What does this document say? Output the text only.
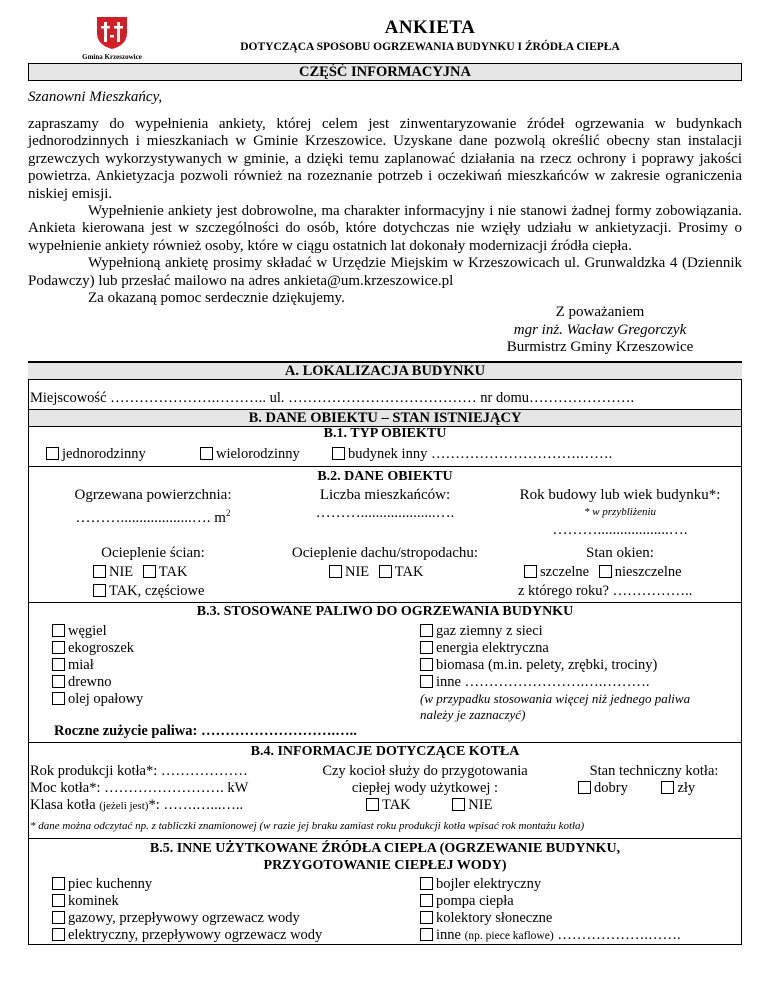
Gmina Krzeszowice
ANKIETA
DOTYCZĄCA SPOSOBU OGRZEWANIA BUDYNKU I ŹRÓDŁA CIEPŁA
CZĘŚĆ INFORMACYJNA
Szanowni Mieszkańcy,

zapraszamy do wypełnienia ankiety, której celem jest zinwentaryzowanie źródeł ogrzewania w budynkach jednorodzinnych i mieszkaniach w Gminie Krzeszowice. Uzyskane dane pozwolą określić obecny stan instalacji grzewczych wykorzystywanych w gminie, a dzięki temu zaplanować działania na rzecz ochrony i poprawy jakości powietrza. Ankietyzacja pozwoli również na rozeznanie potrzeb i oczekiwań mieszkańców w zakresie ograniczenia niskiej emisji.

Wypełnienie ankiety jest dobrowolne, ma charakter informacyjny i nie stanowi żadnej formy zobowiązania. Ankieta kierowana jest w szczególności do osób, które dotychczas nie wzięły udziału w ankietyzacji. Prosimy o wypełnienie ankiety również osoby, które w ciągu ostatnich lat dokonały modernizacji źródła ciepła.

Wypełnioną ankietę prosimy składać w Urzędzie Miejskim w Krzeszowicach ul. Grunwaldzka 4 (Dziennik Podawczy) lub przesłać mailowo na adres ankieta@um.krzeszowice.pl

Za okazaną pomoc serdecznie dziękujemy.

Z poważaniem
mgr inż. Wacław Gregorczyk
Burmistrz Gminy Krzeszowice
A. LOKALIZACJA BUDYNKU
Miejscowość ………………….……….. ul. ………………………………… nr domu………………….
B. DANE OBIEKTU – STAN ISTNIEJĄCY
B.1. TYP OBIEKTU
jednorodzinny	wielorodzinny	budynek inny ………………………….…….
B.2. DANE OBIEKTU
Ogrzewana powierzchnia:
………...................…. $m^2$
Liczba mieszkańców:
………....................….
Rok budowy lub wiek budynku*:
* w przybliżeniu
………...................….
Ocieplenie ścian:
NIE TAK
TAK, częściowe
Ocieplenie dachu/stropodachu:
NIE TAK
Stan okien:
szczelne nieszczelne
z którego roku? ……………..
B.3. STOSOWANE PALIWO DO OGRZEWANIA BUDYNKU
węgiel
ekogroszek
miał
drewno
olej opałowy
gaz ziemny z sieci
energia elektryczna
biomasa (m.in. pelety, zrębki, trociny)
inne …………………….….……….
(w przypadku stosowania więcej niż jednego paliwa należy je zaznaczyć)
Roczne zużycie paliwa: ……………………….…..
B.4. INFORMACJE DOTYCZĄCE KOTŁA
Rok produkcji kotła*: ………………
Moc kotła*: ……………………. kW
Klasa kotła (jeżeli jest)*: …….…...…..
Czy kocioł służy do przygotowania
ciepłej wody użytkowej :
TAK	NIE
Stan techniczny kotła:
dobry	zły
* dane można odczytać np. z tabliczki znamionowej (w razie jej braku zamiast roku produkcji kotła wpisać rok montażu kotła)
B.5. INNE UŻYTKOWANE ŹRÓDŁA CIEPŁA (OGRZEWANIE BUDYNKU,
PRZYGOTOWANIE CIEPŁEJ WODY)
piec kuchenny
kominek
gazowy, przepływowy ogrzewacz wody
elektryczny, przepływowy ogrzewacz wody
bojler elektryczny
pompa ciepła
kolektory słoneczne
inne (np. piece kaflowe) ……………….…….
